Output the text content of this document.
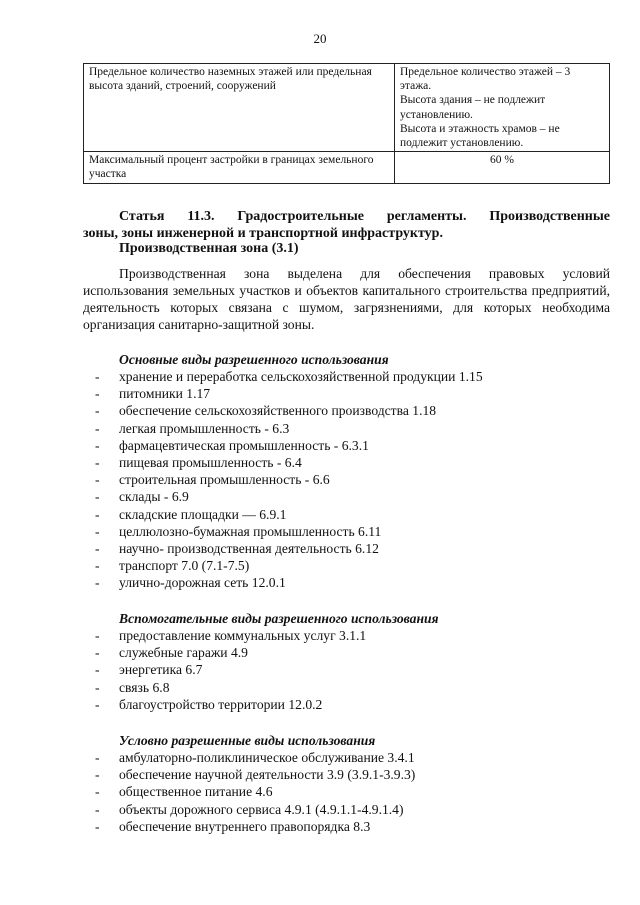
20
Предельное количество наземных этажей или предельная высота зданий, строений, сооружений	Предельное количество этажей – 3 этажа.
Высота здания – не подлежит установлению.
Высота и этажность храмов – не подлежит установлению.

Максимальный процент застройки в границах земельного участка	60 %
Статья 11.3. Градостроительные регламенты. Производственные
зоны, зоны инженерной и транспортной инфраструктур.
Производственная зона (3.1)
Производственная зона выделена для обеспечения правовых условий использования земельных участков и объектов капитального строительства предприятий, деятельность которых связана с шумом, загрязнениями, для которых необходима организация санитарно-защитной зоны.
Основные виды разрешенного использования
- хранение и переработка сельскохозяйственной продукции 1.15
- питомники 1.17
- обеспечение сельскохозяйственного производства 1.18
- легкая промышленность - 6.3
- фармацевтическая промышленность - 6.3.1
- пищевая промышленность - 6.4
- строительная промышленность - 6.6
- склады - 6.9
- складские площадки — 6.9.1
- целлюлозно-бумажная промышленность 6.11
- научно- производственная деятельность 6.12
- транспорт 7.0 (7.1-7.5)
- улично-дорожная сеть 12.0.1
Вспомогательные виды разрешенного использования
- предоставление коммунальных услуг 3.1.1
- служебные гаражи 4.9
- энергетика 6.7
- связь 6.8
- благоустройство территории 12.0.2
Условно разрешенные виды использования
- амбулаторно-поликлиническое обслуживание 3.4.1
- обеспечение научной деятельности 3.9 (3.9.1-3.9.3)
- общественное питание 4.6
- объекты дорожного сервиса 4.9.1 (4.9.1.1-4.9.1.4)
- обеспечение внутреннего правопорядка 8.3
